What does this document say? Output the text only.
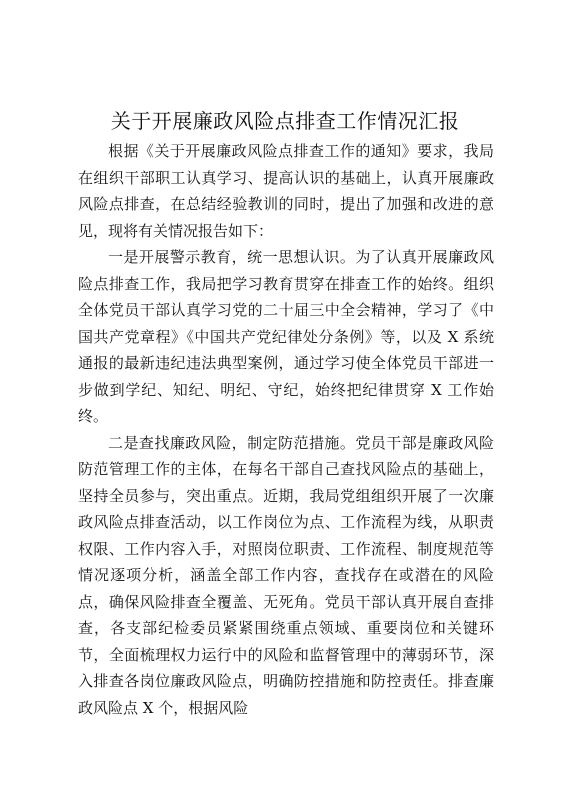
关于开展廉政风险点排查工作情况汇报

根据《关于开展廉政风险点排查工作的通知》要求，我局在组织干部职工认真学习、提高认识的基础上，认真开展廉政风险点排查，在总结经验教训的同时，提出了加强和改进的意见，现将有关情况报告如下：

一是开展警示教育，统一思想认识。为了认真开展廉政风险点排查工作，我局把学习教育贯穿在排查工作的始终。组织全体党员干部认真学习党的二十届三中全会精神，学习了《中国共产党章程》《中国共产党纪律处分条例》等，以及 X 系统通报的最新违纪违法典型案例，通过学习使全体党员干部进一步做到学纪、知纪、明纪、守纪，始终把纪律贯穿 X 工作始终。

二是查找廉政风险，制定防范措施。党员干部是廉政风险防范管理工作的主体，在每名干部自己查找风险点的基础上，坚持全员参与，突出重点。近期，我局党组组织开展了一次廉政风险点排查活动，以工作岗位为点、工作流程为线，从职责权限、工作内容入手，对照岗位职责、工作流程、制度规范等情况逐项分析，涵盖全部工作内容，查找存在或潜在的风险点，确保风险排查全覆盖、无死角。党员干部认真开展自查排查，各支部纪检委员紧紧围绕重点领域、重要岗位和关键环节，全面梳理权力运行中的风险和监督管理中的薄弱环节，深入排查各岗位廉政风险点，明确防控措施和防控责任。排查廉政风险点 X 个，根据风险
